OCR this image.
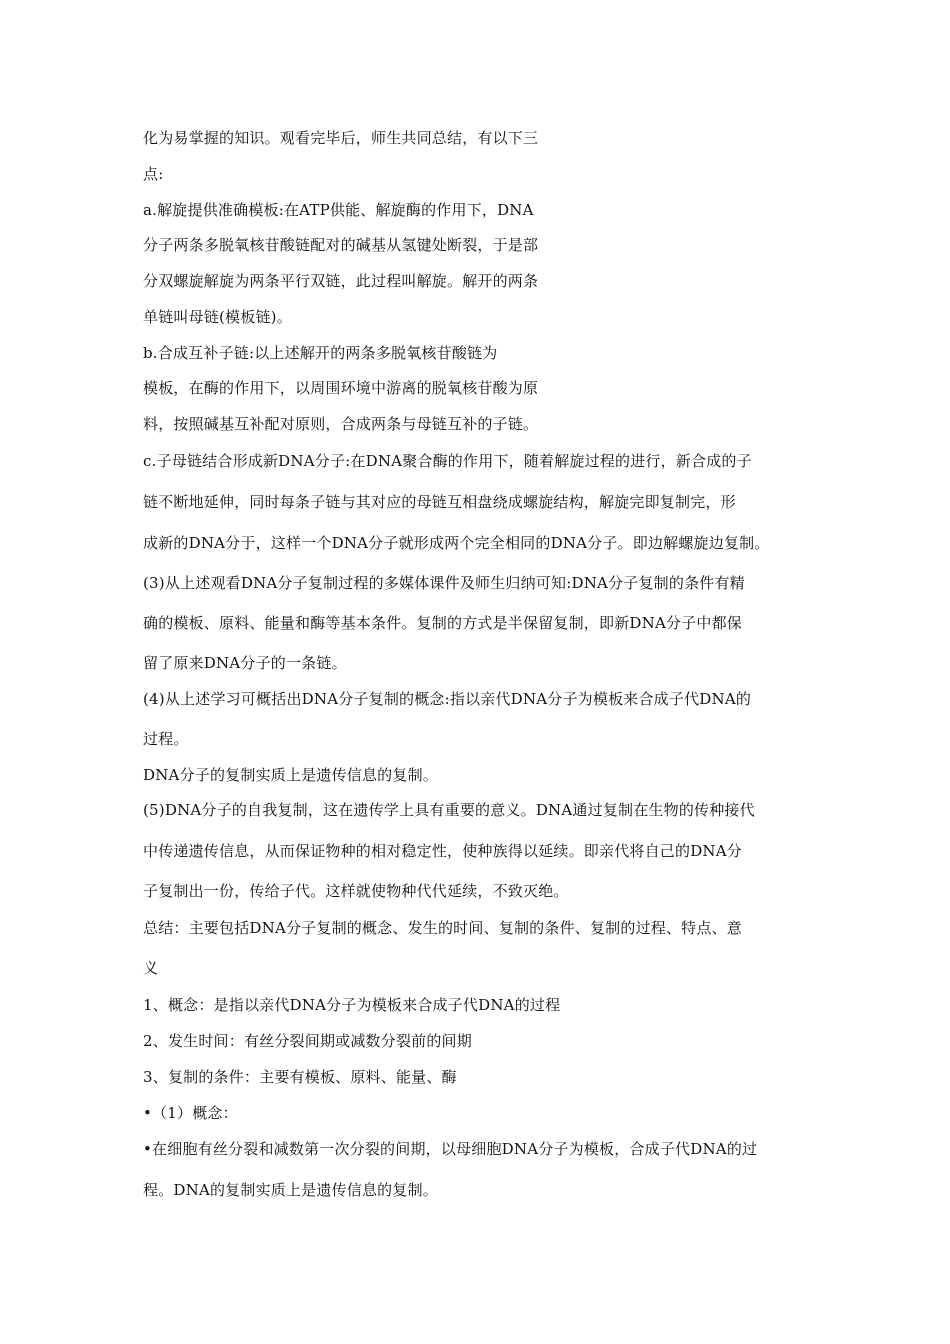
化为易掌握的知识。观看完毕后，师生共同总结，有以下三
点:
a.解旋提供准确模板:在ATP供能、解旋酶的作用下，DNA
分子两条多脱氧核苷酸链配对的碱基从氢键处断裂，于是部
分双螺旋解旋为两条平行双链，此过程叫解旋。解开的两条
单链叫母链(模板链)。
b.合成互补子链:以上述解开的两条多脱氧核苷酸链为
模板，在酶的作用下，以周围环境中游离的脱氧核苷酸为原
料，按照碱基互补配对原则，合成两条与母链互补的子链。
c.子母链结合形成新DNA分子:在DNA聚合酶的作用下，随着解旋过程的进行，新合成的子
链不断地延伸，同时每条子链与其对应的母链互相盘绕成螺旋结构，解旋完即复制完，形
成新的DNA分于，这样一个DNA分子就形成两个完全相同的DNA分子。即边解螺旋边复制。
(3)从上述观看DNA分子复制过程的多媒体课件及师生归纳可知:DNA分子复制的条件有精
确的模板、原料、能量和酶等基本条件。复制的方式是半保留复制，即新DNA分子中都保
留了原来DNA分子的一条链。
(4)从上述学习可概括出DNA分子复制的概念:指以亲代DNA分子为模板来合成子代DNA的
过程。
DNA分子的复制实质上是遗传信息的复制。
(5)DNA分子的自我复制，这在遗传学上具有重要的意义。DNA通过复制在生物的传种接代
中传递遗传信息，从而保证物种的相对稳定性，使种族得以延续。即亲代将自己的DNA分
子复制出一份，传给子代。这样就使物种代代延续，不致灭绝。
总结：主要包括DNA分子复制的概念、发生的时间、复制的条件、复制的过程、特点、意
义
1、概念：是指以亲代DNA分子为模板来合成子代DNA的过程
2、发生时间：有丝分裂间期或减数分裂前的间期
3、复制的条件：主要有模板、原料、能量、酶
•（1）概念：
•在细胞有丝分裂和减数第一次分裂的间期，以母细胞DNA分子为模板，合成子代DNA的过
程。DNA的复制实质上是遗传信息的复制。
